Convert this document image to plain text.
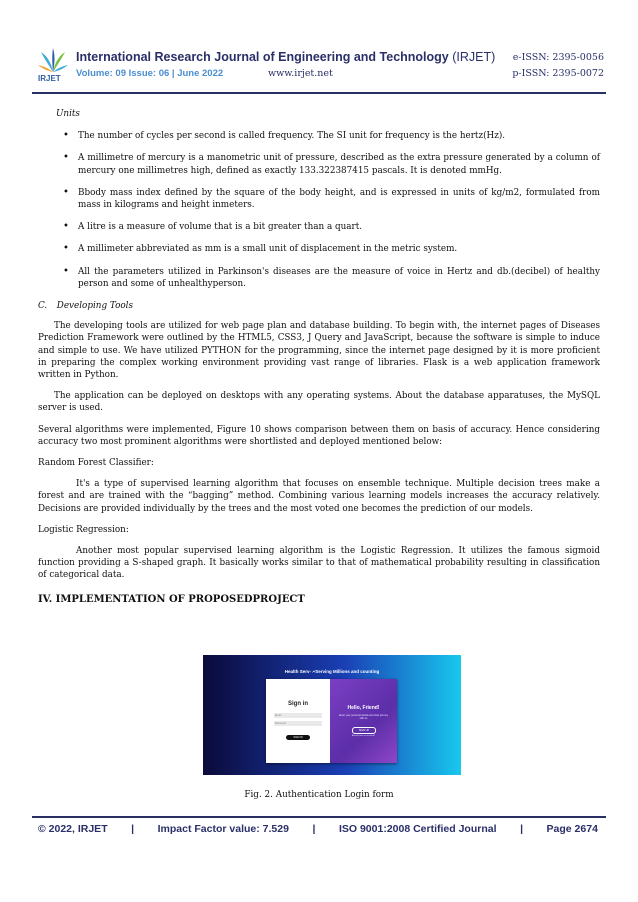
IRJET
International Research Journal of Engineering and Technology (IRJET) e-ISSN: 2395-0056
Volume: 09 Issue: 06 | June 2022	www.irjet.net	p-ISSN: 2395-0072
Units
• The number of cycles per second is called frequency. The SI unit for frequency is the hertz(Hz).
• A millimetre of mercury is a manometric unit of pressure, described as the extra pressure generated by a column of mercury one millimetres high, defined as exactly 133.322387415 pascals. It is denoted mmHg.
• Bbody mass index defined by the square of the body height, and is expressed in units of kg/m2, formulated from mass in kilograms and height inmeters.
• A litre is a measure of volume that is a bit greater than a quart.
• A millimeter abbreviated as mm is a small unit of displacement in the metric system.
• All the parameters utilized in Parkinson's diseases are the measure of voice in Hertz and db.(decibel) of healthy person and some of unhealthyperson.
C. Developing Tools

The developing tools are utilized for web page plan and database building. To begin with, the internet pages of Diseases Prediction Framework were outlined by the HTML5, CSS3, J Query and JavaScript, because the software is simple to induce and simple to use. We have utilized PYTHON for the programming, since the internet page designed by it is more proficient in preparing the complex working environment providing vast range of libraries. Flask is a web application framework written in Python.

The application can be deployed on desktops with any operating systems. About the database apparatuses, the MySQL server is used.

Several algorithms were implemented, Figure 10 shows comparison between them on basis of accuracy. Hence considering accuracy two most prominent algorithms were shortlisted and deployed mentioned below:

Random Forest Classifier:

It's a type of supervised learning algorithm that focuses on ensemble technique. Multiple decision trees make a forest and are trained with the “bagging” method. Combining various learning models increases the accuracy relatively. Decisions are provided individually by the trees and the most voted one becomes the prediction of our models.

Logistic Regression:

Another most popular supervised learning algorithm is the Logistic Regression. It utilizes the famous sigmoid function providing a S-shaped graph. It basically works similar to that of mathematical probability resulting in classification of categorical data.

IV. IMPLEMENTATION OF PROPOSEDPROJECT
Health Serv- 🗲Serving Millions and counting
Sign in
Email
Password
SIGN IN
Hello, Friend!
Enter your personal details and start journey with us
SIGN UP
Already have an account?
Fig. 2. Authentication Login form
© 2022, IRJET | Impact Factor value: 7.529 | ISO 9001:2008 Certified Journal | Page 2674
